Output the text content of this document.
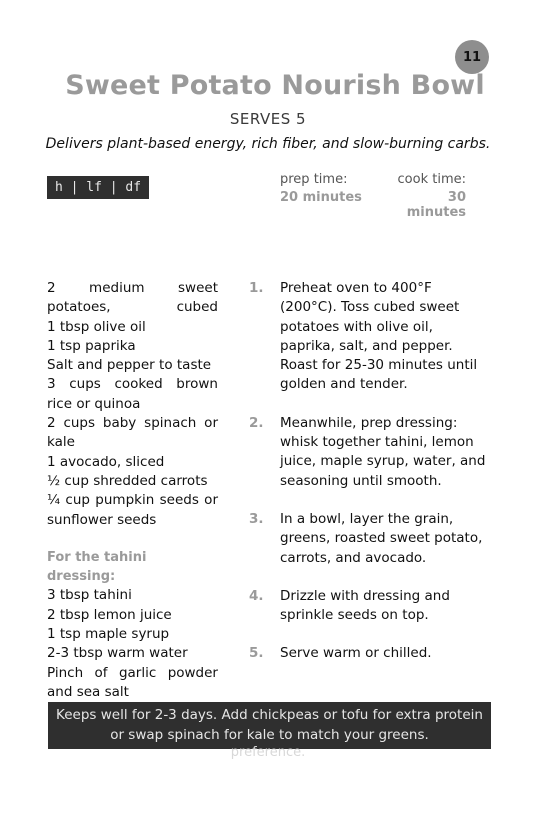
11
Sweet Potato Nourish Bowl
SERVES 5
Delivers plant-based energy, rich fiber, and slow-burning carbs.
h | lf | df
prep time:
20 minutes
cook time:
30 minutes
2 medium sweet potatoes, cubed
1 tbsp olive oil
1 tsp paprika
Salt and pepper to taste
3 cups cooked brown rice or quinoa
2 cups baby spinach or kale
1 avocado, sliced
½ cup shredded carrots
¼ cup pumpkin seeds or sunflower seeds
For the tahini dressing:
3 tbsp tahini
2 tbsp lemon juice
1 tsp maple syrup
2-3 tbsp warm water
Pinch of garlic powder and sea salt
1.	Preheat oven to 400°F (200°C). Toss cubed sweet potatoes with olive oil, paprika, salt, and pepper. Roast for 25-30 minutes until golden and tender.
2.	Meanwhile, prep dressing: whisk together tahini, lemon juice, maple syrup, water, and seasoning until smooth.
3.	In a bowl, layer the grain, greens, roasted sweet potato, carrots, and avocado.
4.	Drizzle with dressing and sprinkle seeds on top.
5.	Serve warm or chilled.
Keeps well for 2-3 days. Add chickpeas or tofu for extra protein or swap spinach for kale to match your greens.
preference.
